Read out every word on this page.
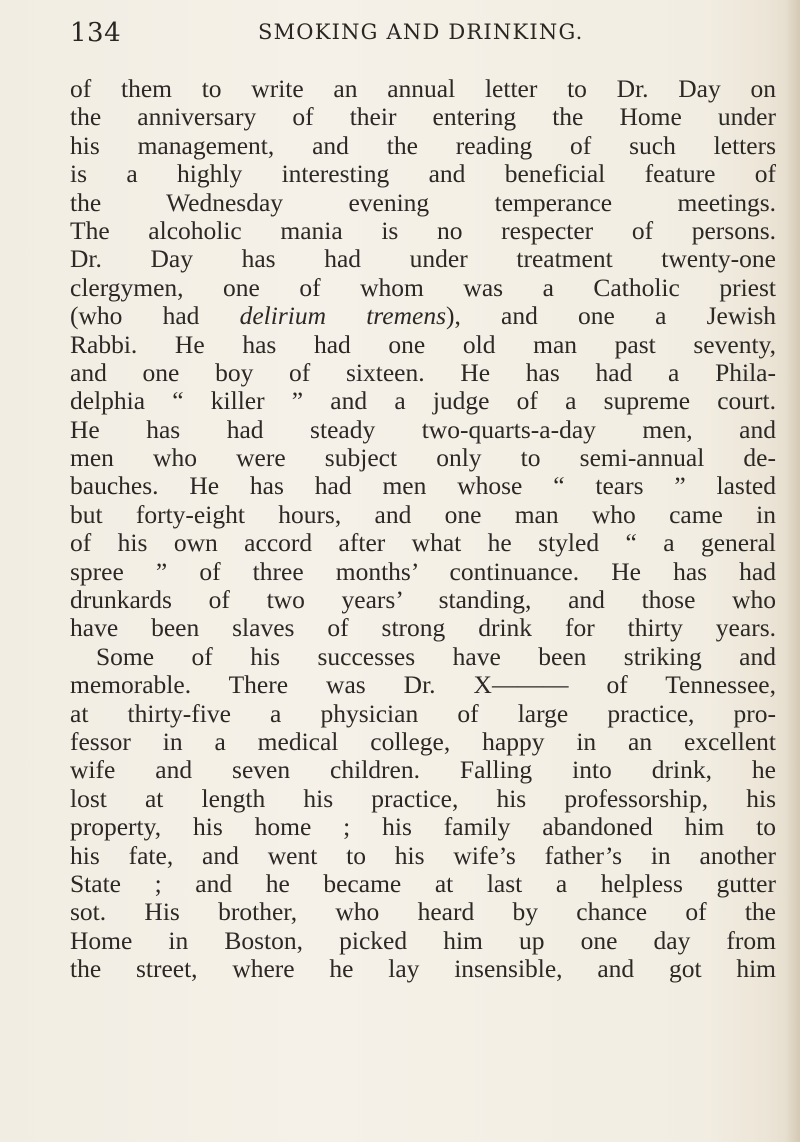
134	SMOKING AND DRINKING.
of them to write an annual letter to Dr. Day on
the anniversary of their entering the Home under
his management, and the reading of such letters
is a highly interesting and beneficial feature of
the Wednesday evening temperance meetings.
The alcoholic mania is no respecter of persons.
Dr. Day has had under treatment twenty-one
clergymen, one of whom was a Catholic priest
(who had delirium tremens), and one a Jewish
Rabbi. He has had one old man past seventy,
and one boy of sixteen. He has had a Phila-
delphia “ killer ” and a judge of a supreme court.
He has had steady two-quarts-a-day men, and
men who were subject only to semi-annual de-
bauches. He has had men whose “ tears ” lasted
but forty-eight hours, and one man who came in
of his own accord after what he styled “ a general
spree ” of three months’ continuance. He has had
drunkards of two years’ standing, and those who
have been slaves of strong drink for thirty years.
Some of his successes have been striking and
memorable. There was Dr. X——— of Tennessee,
at thirty-five a physician of large practice, pro-
fessor in a medical college, happy in an excellent
wife and seven children. Falling into drink, he
lost at length his practice, his professorship, his
property, his home ; his family abandoned him to
his fate, and went to his wife’s father’s in another
State ; and he became at last a helpless gutter
sot. His brother, who heard by chance of the
Home in Boston, picked him up one day from
the street, where he lay insensible, and got him
